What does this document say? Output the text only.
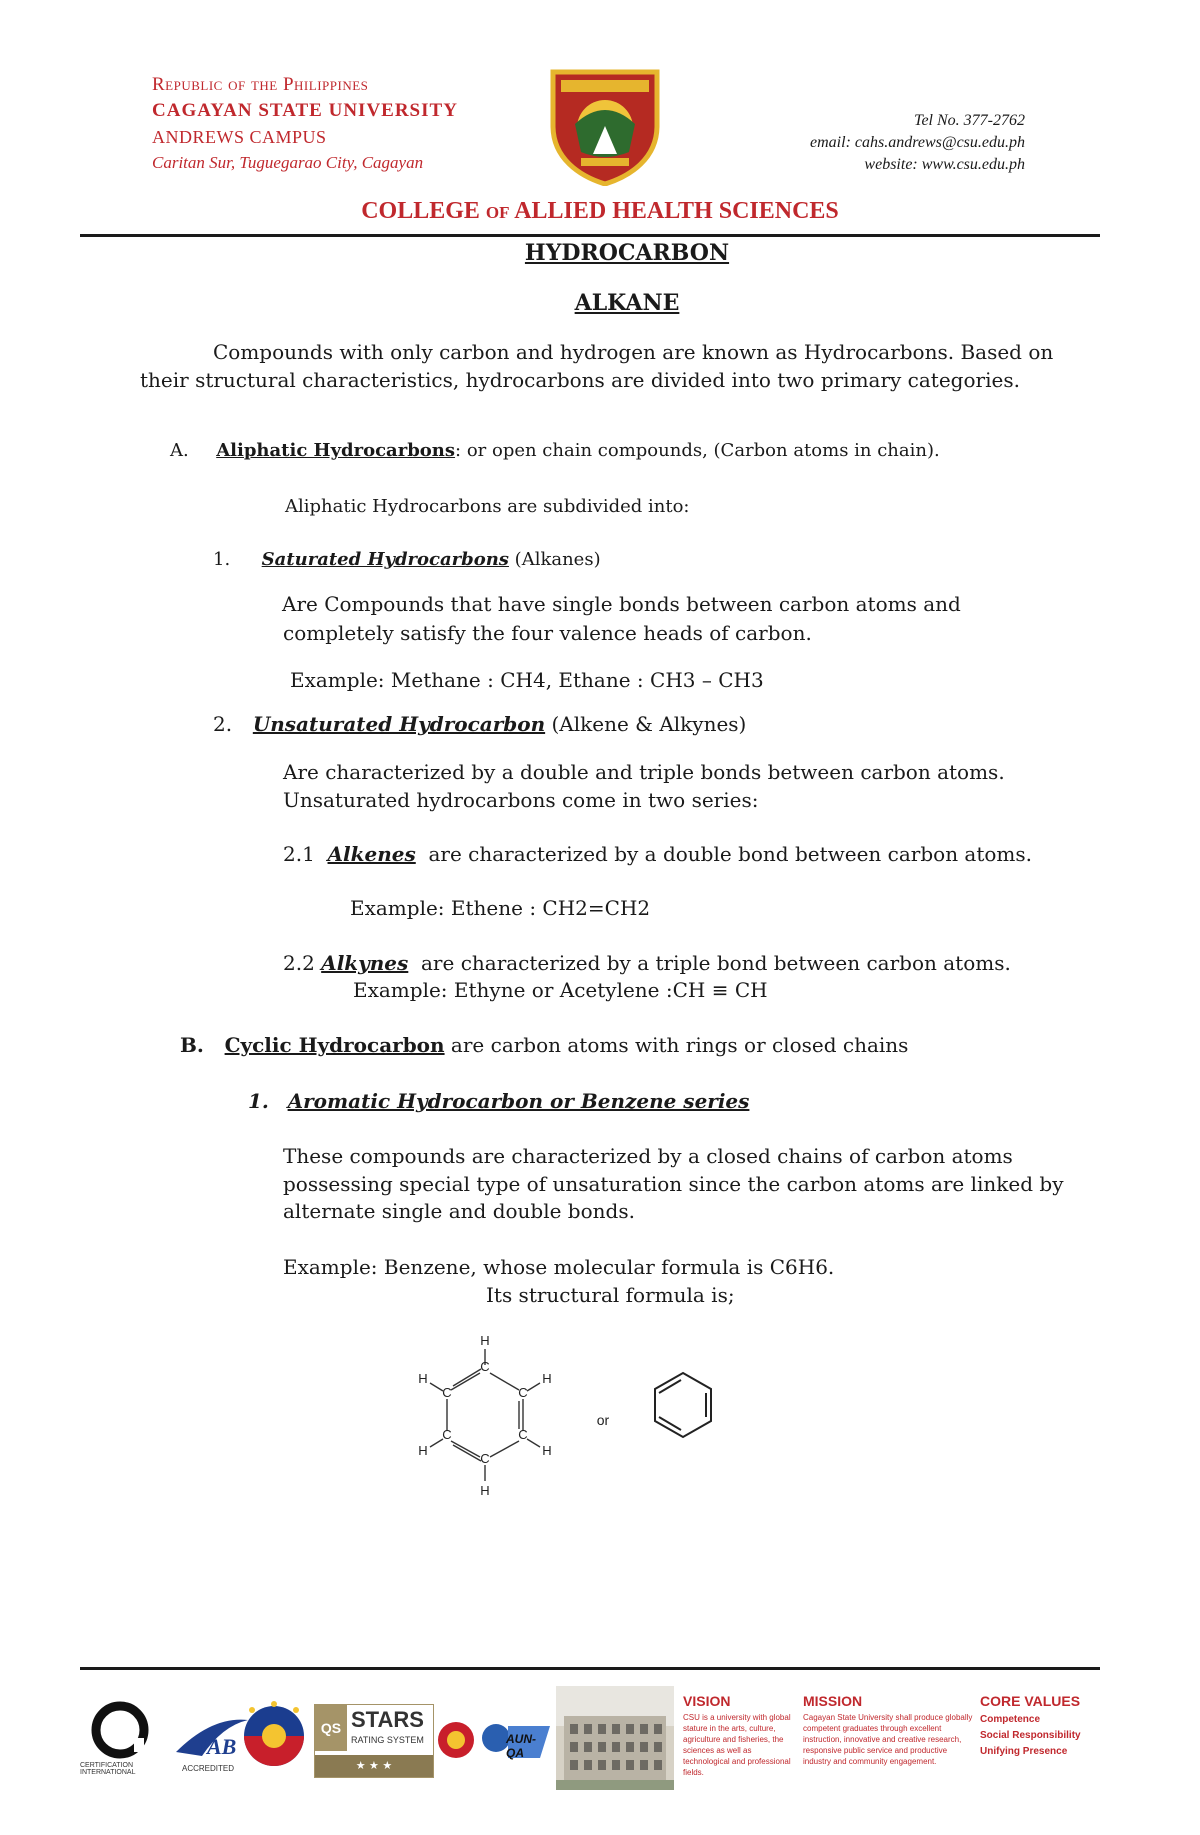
Republic of the Philippines
CAGAYAN STATE UNIVERSITY
ANDREWS CAMPUS
Caritan Sur, Tuguegarao City, Cagayan
Tel No. 377-2762
email: cahs.andrews@csu.edu.ph
website: www.csu.edu.ph
COLLEGE of ALLIED HEALTH SCIENCES
HYDROCARBON
ALKANE
Compounds with only carbon and hydrogen are known as Hydrocarbons. Based on
their structural characteristics, hydrocarbons are divided into two primary categories.
A. Aliphatic Hydrocarbons: or open chain compounds, (Carbon atoms in chain).
Aliphatic Hydrocarbons are subdivided into:
1. Saturated Hydrocarbons (Alkanes)
Are Compounds that have single bonds between carbon atoms and
completely satisfy the four valence heads of carbon.
Example: Methane : CH4, Ethane : CH3 – CH3
2. Unsaturated Hydrocarbon (Alkene & Alkynes)
Are characterized by a double and triple bonds between carbon atoms.
Unsaturated hydrocarbons come in two series:
2.1  Alkenes  are characterized by a double bond between carbon atoms.
Example: Ethene : CH2=CH2
2.2 Alkynes  are characterized by a triple bond between carbon atoms.
Example: Ethyne or Acetylene :CH ≡ CH
B. Cyclic Hydrocarbon are carbon atoms with rings or closed chains
1. Aromatic Hydrocarbon or Benzene series
These compounds are characterized by a closed chains of carbon atoms
possessing special type of unsaturation since the carbon atoms are linked by
alternate single and double bonds.
Example: Benzene, whose molecular formula is C6H6.
Its structural formula is;
H
C
H
C
C
H
C
H
C
H
C
H
or
CERTIFICATION INTERNATIONAL
JAB
ACCREDITED
QS STARS
RATING SYSTEM
★ ★ ★
AUN-QA
VISION
CSU is a university with global stature in the arts, culture, agriculture and fisheries, the sciences as well as technological and professional fields.
MISSION
Cagayan State University shall produce globally competent graduates through excellent instruction, innovative and creative research, responsive public service and productive industry and community engagement.
CORE VALUES
Competence
Social Responsibility
Unifying Presence
